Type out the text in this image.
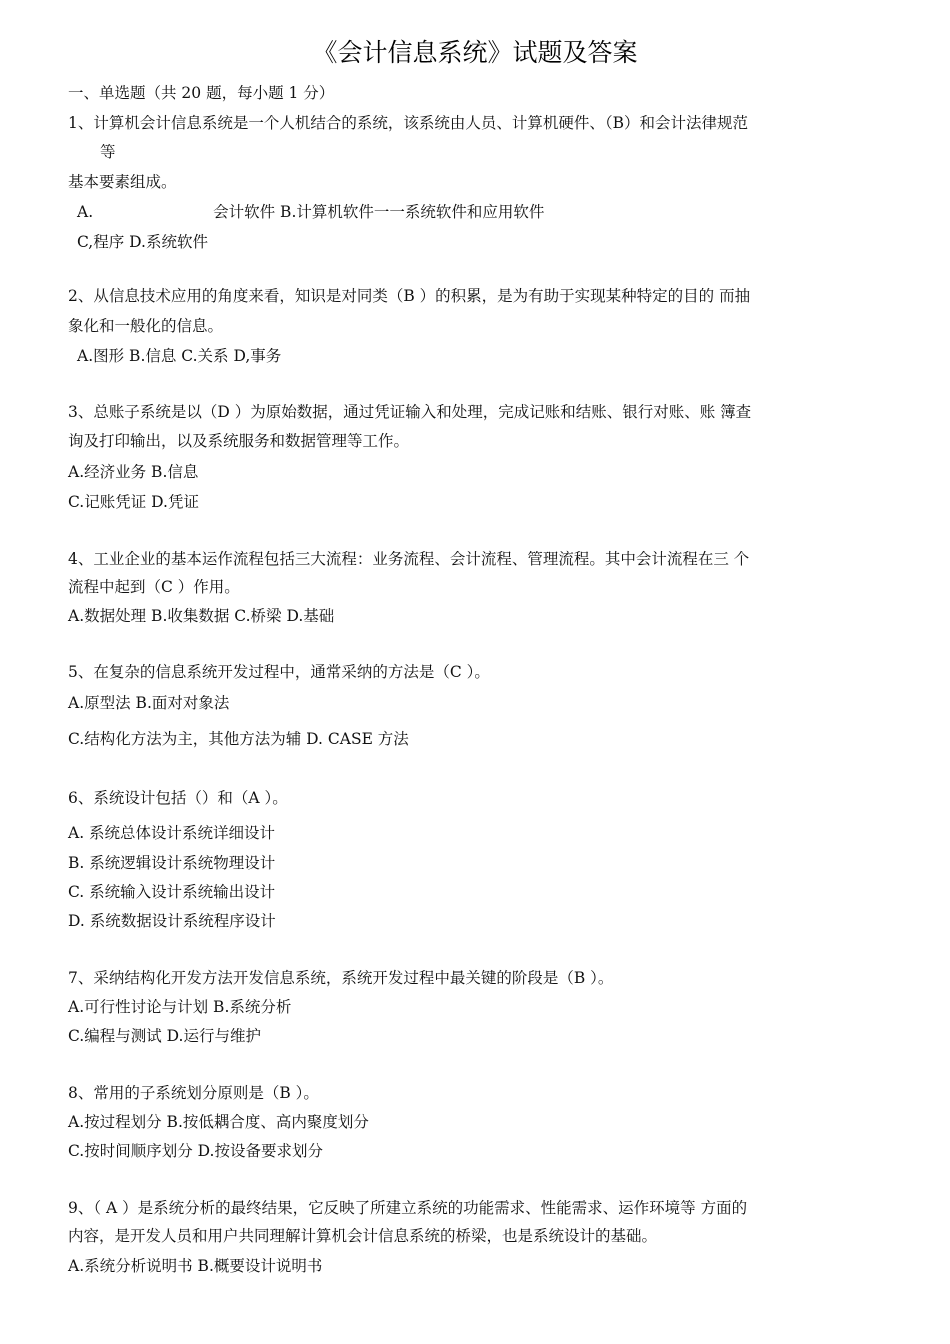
《会计信息系统》试题及答案
一、单选题（共 20 题，每小题 1 分）
1、计算机会计信息系统是一个人机结合的系统，该系统由人员、计算机硬件、（B）和会计法律规范
等
基本要素组成。
A.	会计软件 B.计算机软件一一系统软件和应用软件
C,程序 D.系统软件
2、从信息技术应用的角度来看，知识是对同类（B ）的积累，是为有助于实现某种特定的目的 而抽
象化和一般化的信息。
A.图形 B.信息 C.关系 D,事务
3、总账子系统是以（D ）为原始数据，通过凭证输入和处理，完成记账和结账、银行对账、账 簿查
询及打印输出，以及系统服务和数据管理等工作。
A.经济业务 B.信息
C.记账凭证 D.凭证
4、工业企业的基本运作流程包括三大流程：业务流程、会计流程、管理流程。其中会计流程在三 个
流程中起到（C ）作用。
A.数据处理 B.收集数据 C.桥梁 D.基础
5、在复杂的信息系统开发过程中，通常采纳的方法是（C ）。
A.原型法 B.面对对象法
C.结构化方法为主，其他方法为辅 D. CASE 方法
6、系统设计包括（）和（A ）。
A. 系统总体设计系统详细设计
B. 系统逻辑设计系统物理设计
C. 系统输入设计系统输出设计
D. 系统数据设计系统程序设计
7、采纳结构化开发方法开发信息系统，系统开发过程中最关键的阶段是（B ）。
A.可行性讨论与计划 B.系统分析
C.编程与测试 D.运行与维护
8、常用的子系统划分原则是（B ）。
A.按过程划分 B.按低耦合度、高内聚度划分
C.按时间顺序划分 D.按设备要求划分
9、（ A ）是系统分析的最终结果，它反映了所建立系统的功能需求、性能需求、运作环境等 方面的
内容，是开发人员和用户共同理解计算机会计信息系统的桥梁，也是系统设计的基础。
A.系统分析说明书 B.概要设计说明书
